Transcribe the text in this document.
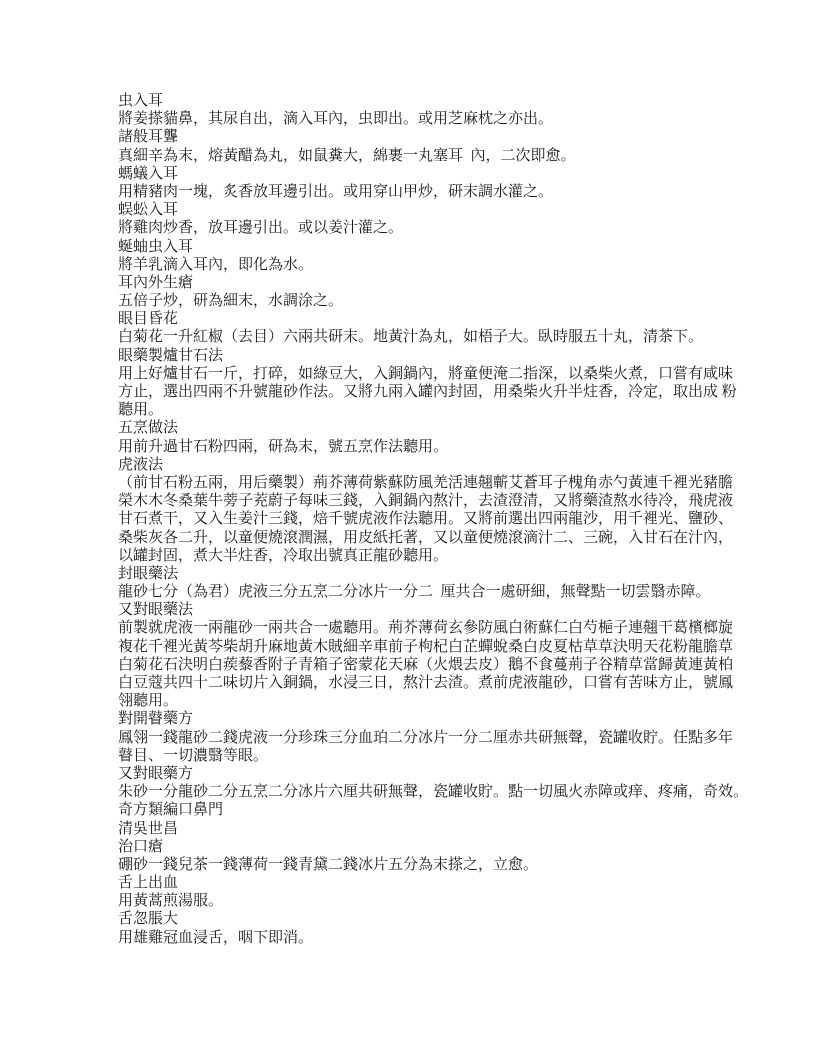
虫入耳
將姜搽貓鼻，其尿自出，滴入耳內，虫即出。或用芝麻枕之亦出。
諸般耳聾
真細辛為末，熔黃醋為丸，如鼠糞大，綿裹一丸塞耳  內，二次即愈。
螞蟻入耳
用精豬肉一塊，炙香放耳邊引出。或用穿山甲炒，研末調水灌之。
蜈蚣入耳
將雞肉炒香，放耳邊引出。或以姜汁灌之。
蜒蚰虫入耳
將羊乳滴入耳內，即化為水。
耳內外生瘡
五倍子炒，研為細末，水調涂之。
眼目昏花
白菊花一升紅椒（去目）六兩共研末。地黃汁為丸，如梧子大。臥時服五十丸，清茶下。
眼藥製爐甘石法
用上好爐甘石一斤，打碎，如綠豆大，入銅鍋內，將童便淹二指深，以桑柴火煮，口嘗有咸味
方止，選出四兩不升號龍砂作法。又將九兩入罐內封固，用桑柴火升半炷香，冷定，取出成 粉
聽用。
五烹做法
用前升過甘石粉四兩，研為末，號五烹作法聽用。
虎液法
（前甘石粉五兩，用后藥製）荊芥薄荷紫蘇防風羌活連翹蘄艾蒼耳子槐角赤勺黃連千裡光豬膽
榮木木冬桑葉牛蒡子茺蔚子每味三錢，入銅鍋內熬汁，去渣澄清，又將藥渣熬水待冷，飛虎液
甘石煮干，又入生姜汁三錢，焙千號虎液作法聽用。又將前選出四兩龍沙，用千裡光、鹽砂、
桑柴灰各二升，以童便燒滾潤濕，用皮紙托著，又以童便燒滾滴汁二、三碗，入甘石在汁內，
以罐封固，煮大半炷香，冷取出號真正龍砂聽用。
封眼藥法
龍砂七分（為君）虎液三分五烹二分冰片一分二  厘共合一處研細，無聲點一切雲翳赤障。
又對眼藥法
前製就虎液一兩龍砂一兩共合一處聽用。荊芥薄荷玄參防風白術蘇仁白芍梔子連翹干葛檳榔旋
複花千裡光黃芩柴胡升麻地黃木賊細辛車前子枸杞白芷蟬蛻桑白皮夏枯草草決明天花粉龍膽草
白菊花石決明白蒺藜香附子青箱子密蒙花天麻（火煨去皮）鵝不食蔓荊子谷精草當歸黃連黃柏
白豆蔻共四十二味切片入銅鍋，水浸三日，熬汁去渣。煮前虎液龍砂，口嘗有苦味方止，號鳳
翎聽用。
對開瞽藥方
鳳翎一錢龍砂二錢虎液一分珍珠三分血珀二分冰片一分二厘赤共研無聲，瓷罐收貯。任點多年
瞽目、一切濃翳等眼。
又對眼藥方
朱砂一分龍砂二分五烹二分冰片六厘共研無聲，瓷罐收貯。點一切風火赤障或痒、疼痛，奇效。
奇方類編口鼻門
清吳世昌
治口瘡
硼砂一錢兒茶一錢薄荷一錢青黛二錢冰片五分為末搽之，立愈。
舌上出血
用黃蒿煎湯服。
舌忽脹大
用雄雞冠血浸舌，咽下即消。
